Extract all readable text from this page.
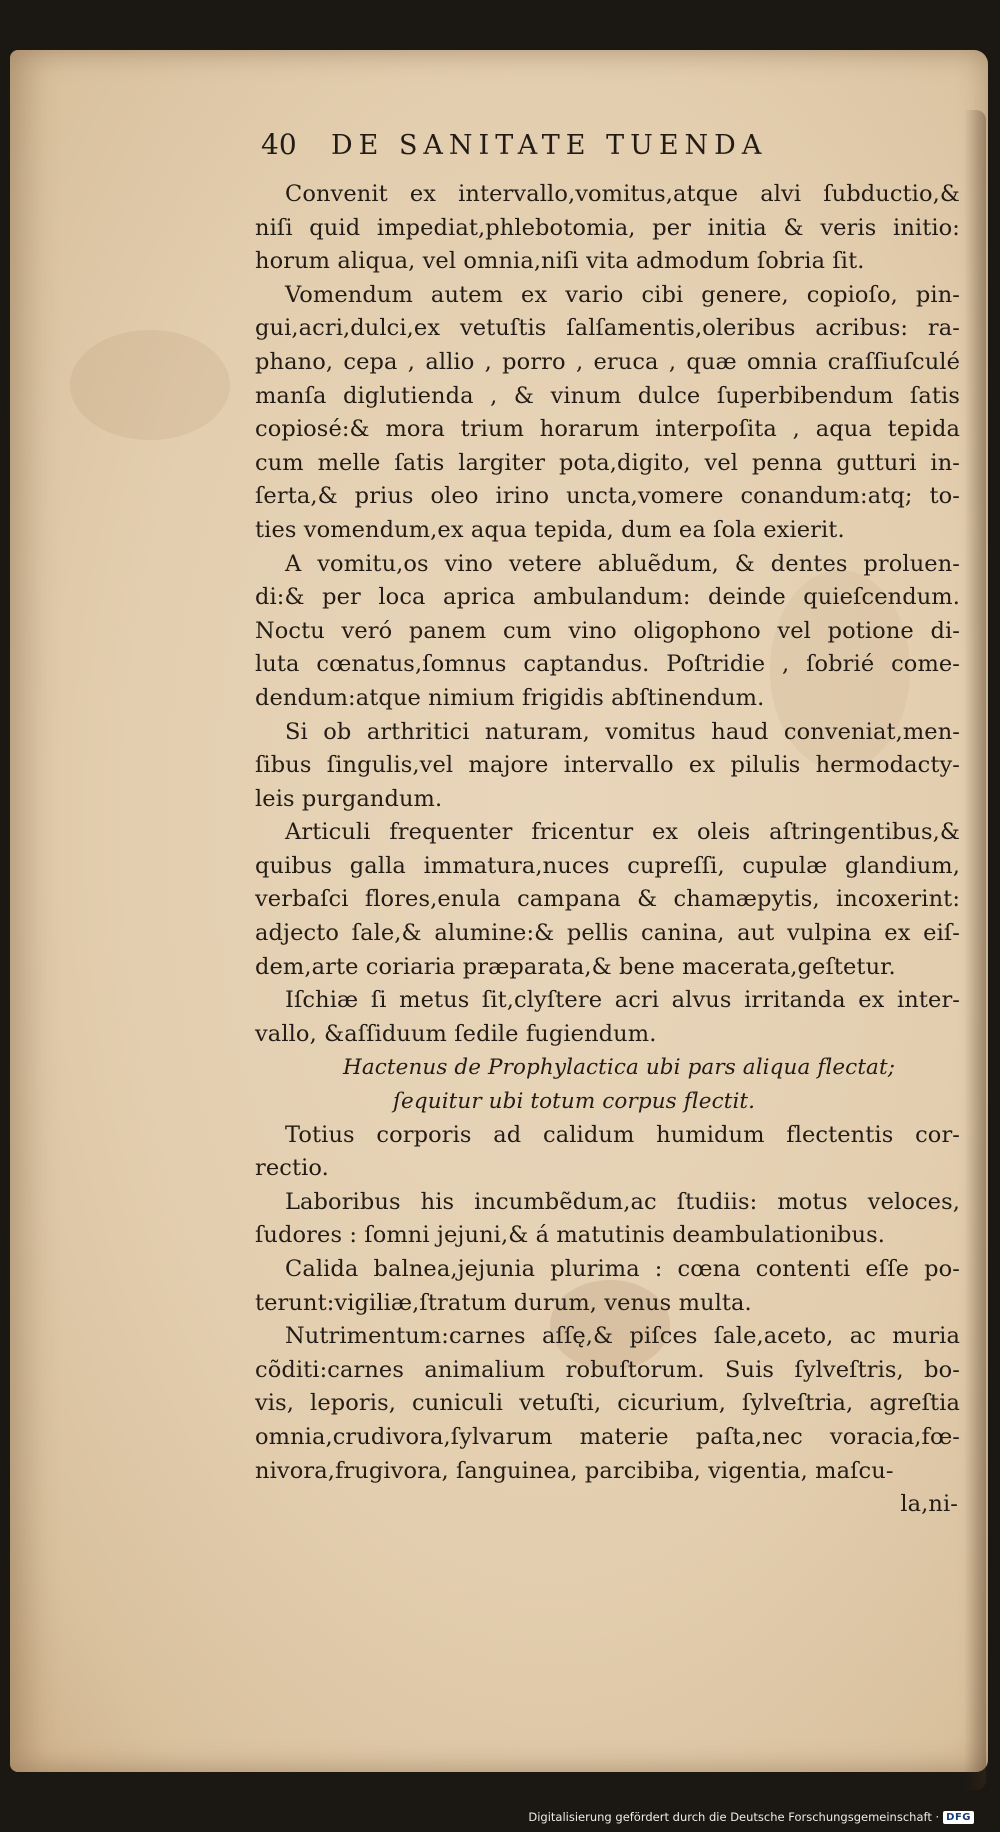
40	DE SANITATE TUENDA
Convenit ex intervallo,vomitus,atque alvi ſubductio,&
niſi quid impediat,phlebotomia, per initia & veris initio:
horum aliqua, vel omnia,niſi vita admodum ſobria ſit.
Vomendum autem ex vario cibi genere, copioſo, pin-
gui,acri,dulci,ex vetuſtis ſalſamentis,oleribus acribus: ra-
phano, cepa , allio , porro , eruca , quæ omnia craſſiuſculé
manſa diglutienda , & vinum dulce ſuperbibendum ſatis
copiosé:& mora trium horarum interpoſita , aqua tepida
cum melle ſatis largiter pota,digito, vel penna gutturi in-
ſerta,& prius oleo irino uncta,vomere conandum:atq; to-
ties vomendum,ex aqua tepida, dum ea ſola exierit.
A vomitu,os vino vetere abluẽdum, & dentes proluen-
di:& per loca aprica ambulandum: deinde quieſcendum.
Noctu veró panem cum vino oligophono vel potione di-
luta cœnatus,ſomnus captandus. Poſtridie , ſobrié come-
dendum:atque nimium frigidis abſtinendum.
Si ob arthritici naturam, vomitus haud conveniat,men-
ſibus ſingulis,vel majore intervallo ex pilulis hermodacty-
leis purgandum.
Articuli frequenter fricentur ex oleis aſtringentibus,&
quibus galla immatura,nuces cupreſſi, cupulæ glandium,
verbaſci flores,enula campana & chamæpytis, incoxerint:
adjecto ſale,& alumine:& pellis canina, aut vulpina ex eiſ-
dem,arte coriaria præparata,& bene macerata,geſtetur.
Iſchiæ ſi metus ſit,clyſtere acri alvus irritanda ex inter-
vallo, &aſſiduum ſedile fugiendum.
Hactenus de Prophylactica ubi pars aliqua flectat;
ſequitur ubi totum corpus flectit.
Totius corporis ad calidum humidum flectentis cor-
rectio.
Laboribus his incumbẽdum,ac ſtudiis: motus veloces,
ſudores : ſomni jejuni,& á matutinis deambulationibus.
Calida balnea,jejunia plurima : cœna contenti eſſe po-
terunt:vigiliæ,ſtratum durum, venus multa.
Nutrimentum:carnes aſſę,& piſces ſale,aceto, ac muria
cõditi:carnes animalium robuſtorum. Suis ſylveſtris, bo-
vis, leporis, cuniculi vetuſti, cicurium, ſylveſtria, agreſtia
omnia,crudivora,ſylvarum materie paſta,nec voracia,fœ-
nivora,frugivora, ſanguinea, parcibiba, vigentia, maſcu-
la,ni-
Digitalisierung gefördert durch die Deutsche Forschungsgemeinschaft · DFG
